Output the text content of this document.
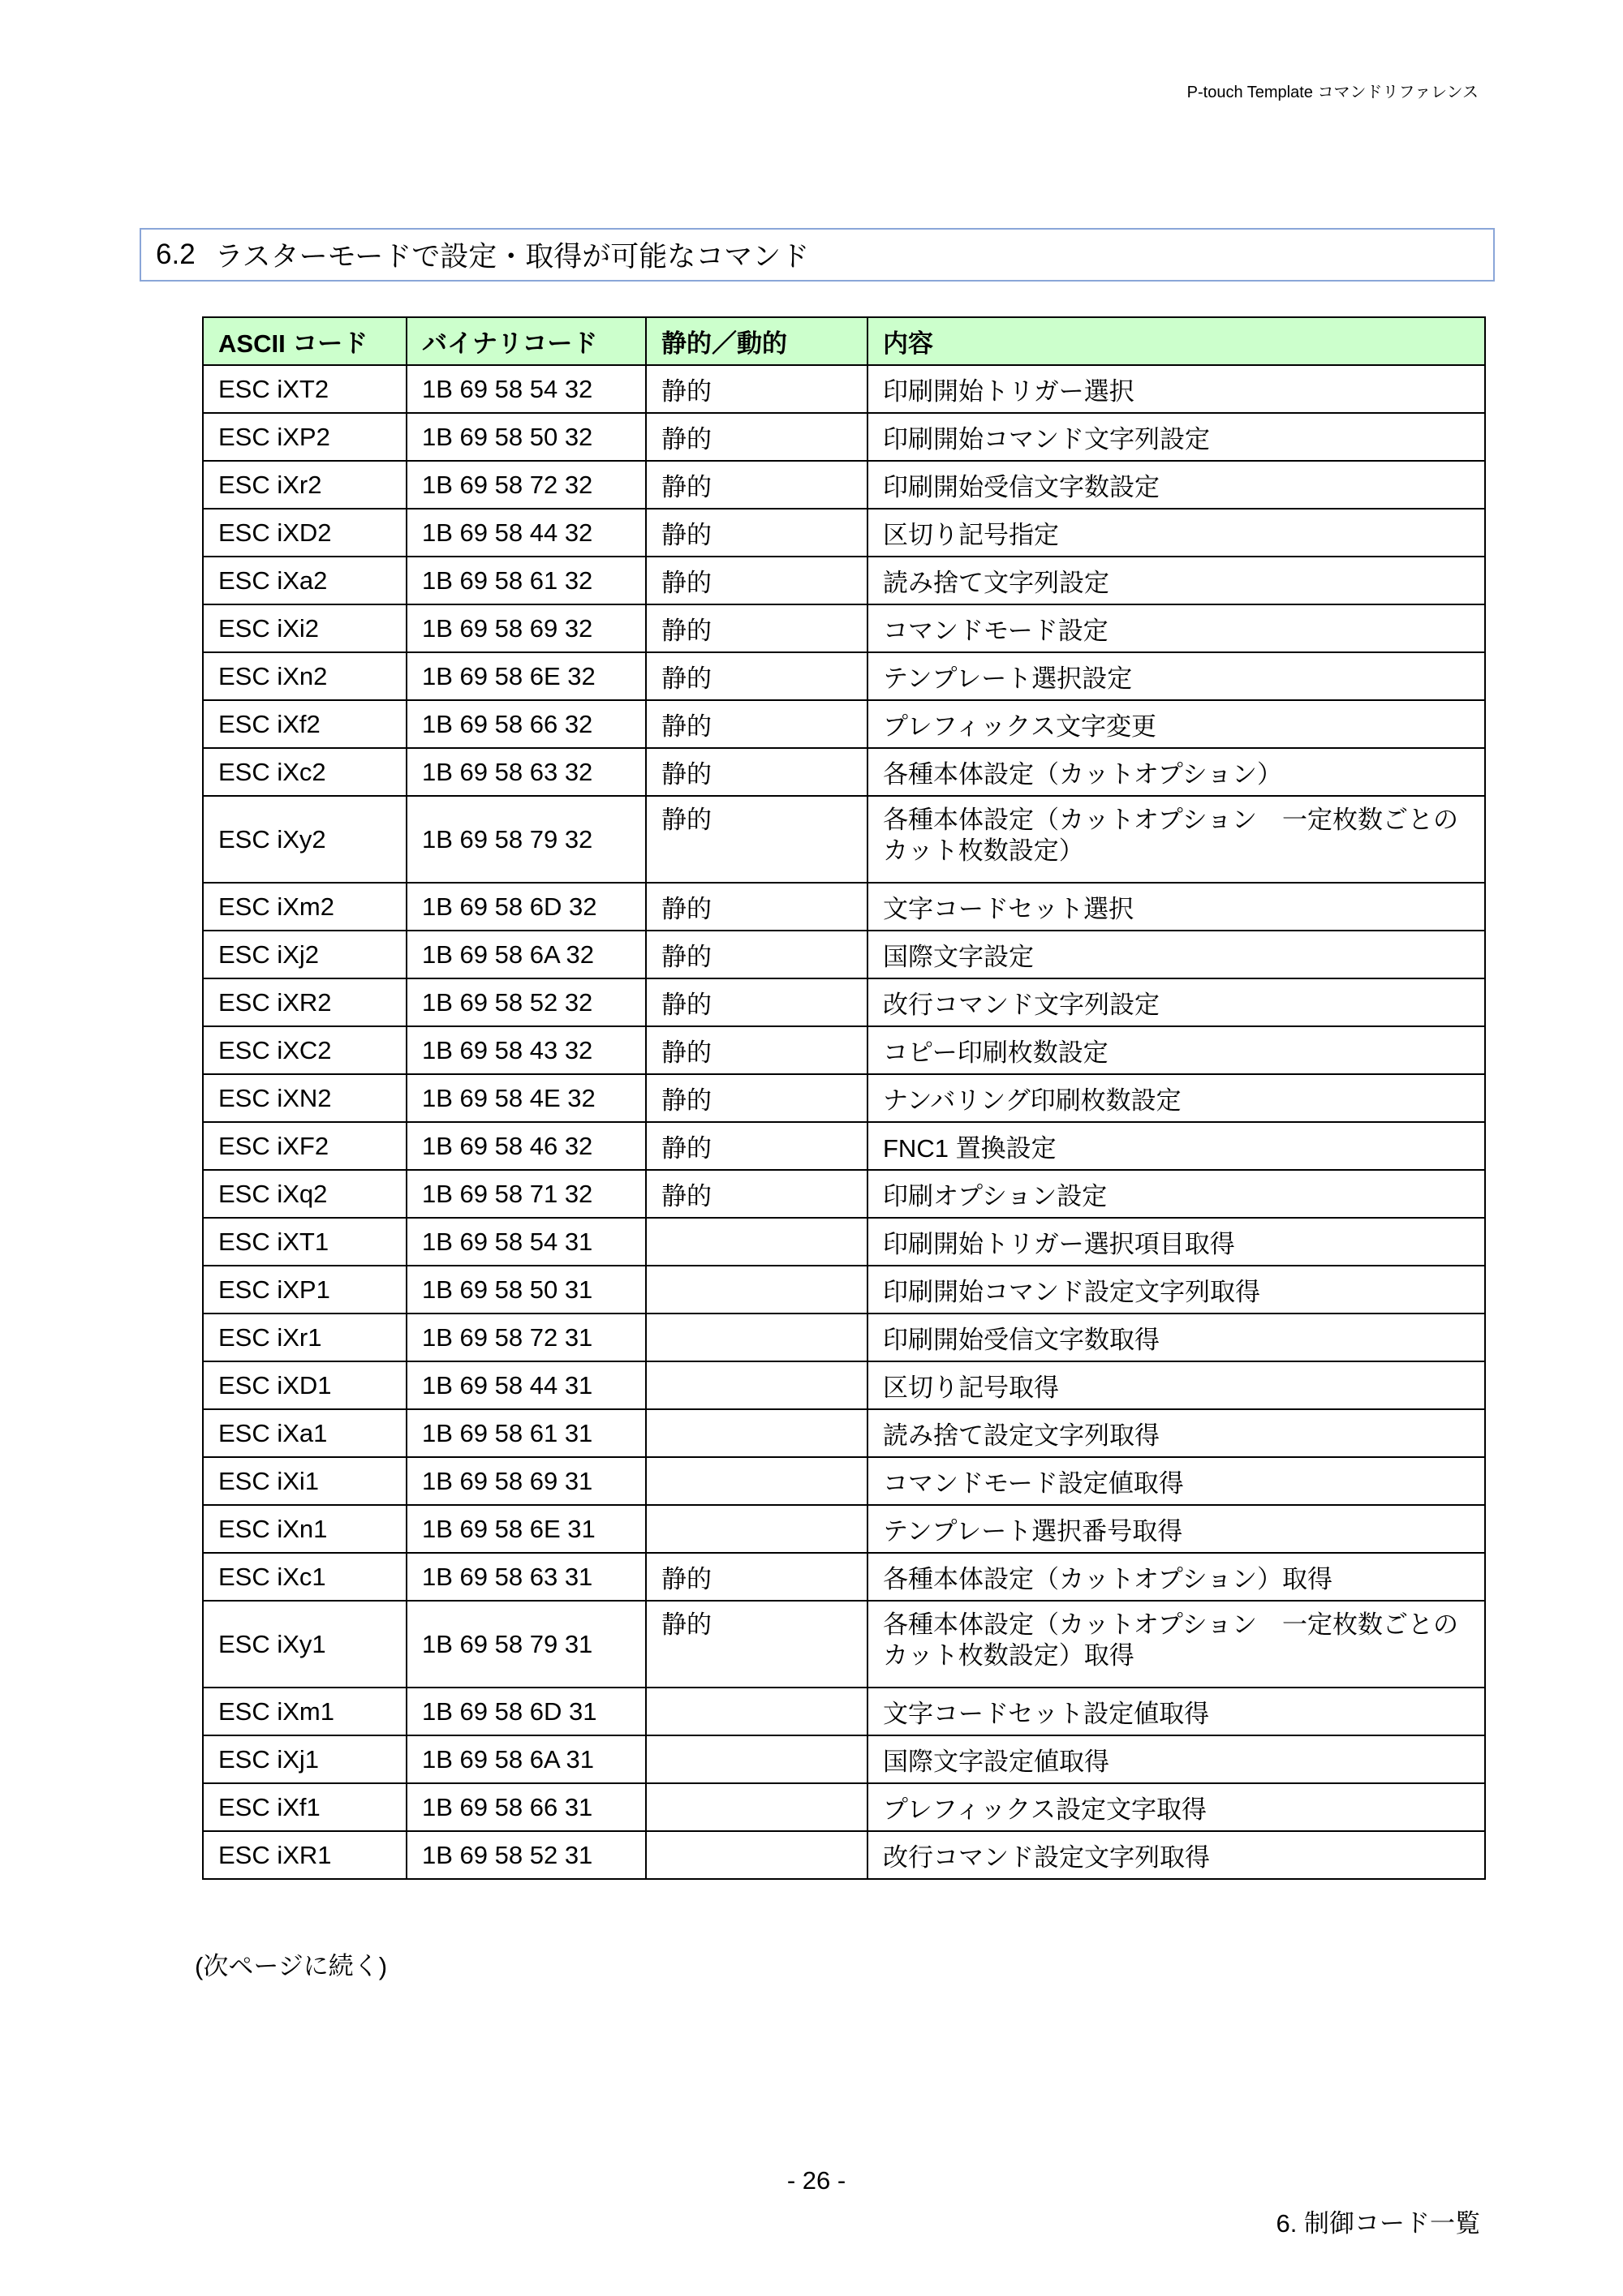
P-touch Template コマンドリファレンス
6.2 ラスターモードで設定・取得が可能なコマンド
ASCII コード	バイナリコード	静的／動的	内容
ESC iXT2	1B 69 58 54 32	静的	印刷開始トリガー選択
ESC iXP2	1B 69 58 50 32	静的	印刷開始コマンド文字列設定
ESC iXr2	1B 69 58 72 32	静的	印刷開始受信文字数設定
ESC iXD2	1B 69 58 44 32	静的	区切り記号指定
ESC iXa2	1B 69 58 61 32	静的	読み捨て文字列設定
ESC iXi2	1B 69 58 69 32	静的	コマンドモード設定
ESC iXn2	1B 69 58 6E 32	静的	テンプレート選択設定
ESC iXf2	1B 69 58 66 32	静的	プレフィックス文字変更
ESC iXc2	1B 69 58 63 32	静的	各種本体設定（カットオプション）
ESC iXy2	1B 69 58 79 32	静的	各種本体設定（カットオプション　一定枚数ごとのカット枚数設定）
ESC iXm2	1B 69 58 6D 32	静的	文字コードセット選択
ESC iXj2	1B 69 58 6A 32	静的	国際文字設定
ESC iXR2	1B 69 58 52 32	静的	改行コマンド文字列設定
ESC iXC2	1B 69 58 43 32	静的	コピー印刷枚数設定
ESC iXN2	1B 69 58 4E 32	静的	ナンバリング印刷枚数設定
ESC iXF2	1B 69 58 46 32	静的	FNC1 置換設定
ESC iXq2	1B 69 58 71 32	静的	印刷オプション設定
ESC iXT1	1B 69 58 54 31		印刷開始トリガー選択項目取得
ESC iXP1	1B 69 58 50 31		印刷開始コマンド設定文字列取得
ESC iXr1	1B 69 58 72 31		印刷開始受信文字数取得
ESC iXD1	1B 69 58 44 31		区切り記号取得
ESC iXa1	1B 69 58 61 31		読み捨て設定文字列取得
ESC iXi1	1B 69 58 69 31		コマンドモード設定値取得
ESC iXn1	1B 69 58 6E 31		テンプレート選択番号取得
ESC iXc1	1B 69 58 63 31	静的	各種本体設定（カットオプション）取得
ESC iXy1	1B 69 58 79 31	静的	各種本体設定（カットオプション　一定枚数ごとのカット枚数設定）取得
ESC iXm1	1B 69 58 6D 31		文字コードセット設定値取得
ESC iXj1	1B 69 58 6A 31		国際文字設定値取得
ESC iXf1	1B 69 58 66 31		プレフィックス設定文字取得
ESC iXR1	1B 69 58 52 31		改行コマンド設定文字列取得
(次ページに続く)
- 26 -
6. 制御コード一覧
